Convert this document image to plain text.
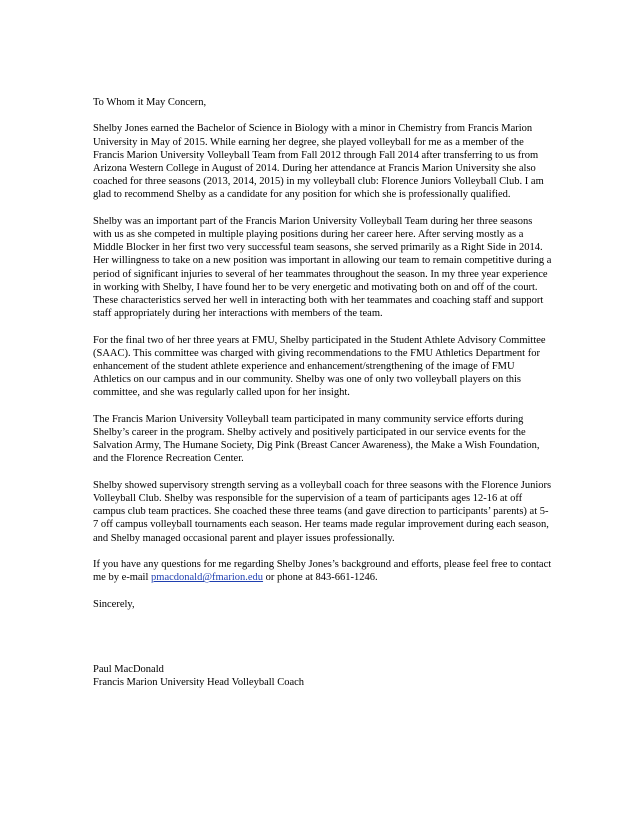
To Whom it May Concern,

Shelby Jones earned the Bachelor of Science in Biology with a minor in Chemistry from Francis Marion University in May of 2015. While earning her degree, she played volleyball for me as a member of the Francis Marion University Volleyball Team from Fall 2012 through Fall 2014 after transferring to us from Arizona Western College in August of 2014. During her attendance at Francis Marion University she also coached for three seasons (2013, 2014, 2015) in my volleyball club: Florence Juniors Volleyball Club. I am glad to recommend Shelby as a candidate for any position for which she is professionally qualified.

Shelby was an important part of the Francis Marion University Volleyball Team during her three seasons with us as she competed in multiple playing positions during her career here. After serving mostly as a Middle Blocker in her first two very successful team seasons, she served primarily as a Right Side in 2014. Her willingness to take on a new position was important in allowing our team to remain competitive during a period of significant injuries to several of her teammates throughout the season. In my three year experience in working with Shelby, I have found her to be very energetic and motivating both on and off of the court. These characteristics served her well in interacting both with her teammates and coaching staff and support staff appropriately during her interactions with members of the team.

For the final two of her three years at FMU, Shelby participated in the Student Athlete Advisory Committee (SAAC). This committee was charged with giving recommendations to the FMU Athletics Department for enhancement of the student athlete experience and enhancement/strengthening of the image of FMU Athletics on our campus and in our community. Shelby was one of only two volleyball players on this committee, and she was regularly called upon for her insight.

The Francis Marion University Volleyball team participated in many community service efforts during Shelby’s career in the program. Shelby actively and positively participated in our service events for the Salvation Army, The Humane Society, Dig Pink (Breast Cancer Awareness), the Make a Wish Foundation, and the Florence Recreation Center.

Shelby showed supervisory strength serving as a volleyball coach for three seasons with the Florence Juniors Volleyball Club. Shelby was responsible for the supervision of a team of participants ages 12-16 at off campus club team practices. She coached these three teams (and gave direction to participants’ parents) at 5-7 off campus volleyball tournaments each season. Her teams made regular improvement during each season, and Shelby managed occasional parent and player issues professionally.

If you have any questions for me regarding Shelby Jones’s background and efforts, please feel free to contact me by e-mail pmacdonald@fmarion.edu or phone at 843-661-1246.

Sincerely,

Paul MacDonald

Francis Marion University Head Volleyball Coach
